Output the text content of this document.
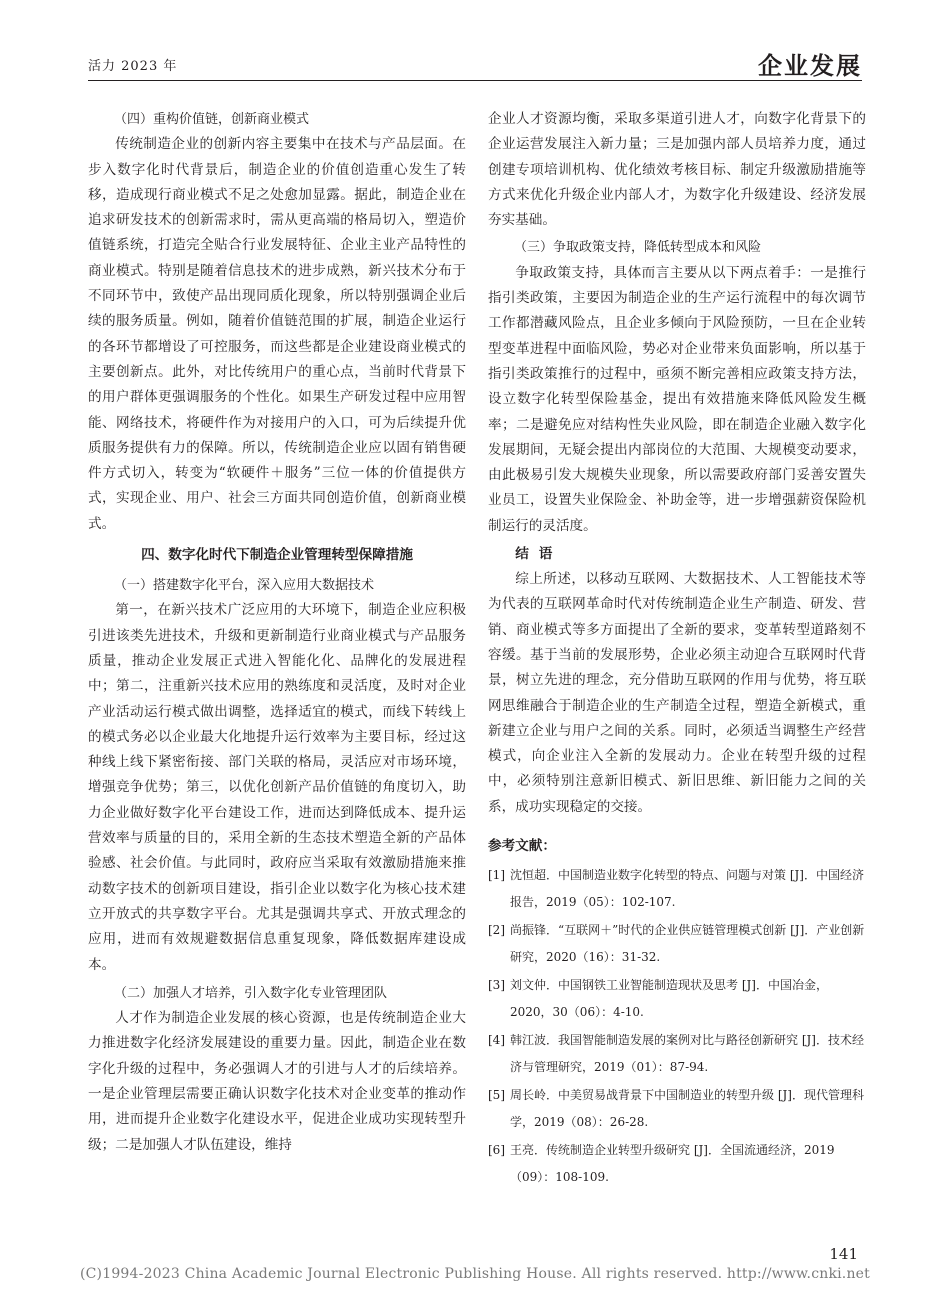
活力 2023 年	企业发展

（四）重构价值链，创新商业模式

传统制造企业的创新内容主要集中在技术与产品层面。在步入数字化时代背景后，制造企业的价值创造重心发生了转移，造成现行商业模式不足之处愈加显露。据此，制造企业在追求研发技术的创新需求时，需从更高端的格局切入，塑造价值链系统，打造完全贴合行业发展特征、企业主业产品特性的商业模式。特别是随着信息技术的进步成熟，新兴技术分布于不同环节中，致使产品出现同质化现象，所以特别强调企业后续的服务质量。例如，随着价值链范围的扩展，制造企业运行的各环节都增设了可控服务，而这些都是企业建设商业模式的主要创新点。此外，对比传统用户的重心点，当前时代背景下的用户群体更强调服务的个性化。如果生产研发过程中应用智能、网络技术，将硬件作为对接用户的入口，可为后续提升优质服务提供有力的保障。所以，传统制造企业应以固有销售硬件方式切入，转变为“软硬件＋服务”三位一体的价值提供方式，实现企业、用户、社会三方面共同创造价值，创新商业模式。

四、数字化时代下制造企业管理转型保障措施

（一）搭建数字化平台，深入应用大数据技术

第一，在新兴技术广泛应用的大环境下，制造企业应积极引进该类先进技术，升级和更新制造行业商业模式与产品服务质量，推动企业发展正式进入智能化化、品牌化的发展进程中；第二，注重新兴技术应用的熟练度和灵活度，及时对企业产业活动运行模式做出调整，选择适宜的模式，而线下转线上的模式务必以企业最大化地提升运行效率为主要目标，经过这种线上线下紧密衔接、部门关联的格局，灵活应对市场环境，增强竞争优势；第三，以优化创新产品价值链的角度切入，助力企业做好数字化平台建设工作，进而达到降低成本、提升运营效率与质量的目的，采用全新的生态技术塑造全新的产品体验感、社会价值。与此同时，政府应当采取有效激励措施来推动数字技术的创新项目建设，指引企业以数字化为核心技术建立开放式的共享数字平台。尤其是强调共享式、开放式理念的应用，进而有效规避数据信息重复现象，降低数据库建设成本。

（二）加强人才培养，引入数字化专业管理团队

人才作为制造企业发展的核心资源，也是传统制造企业大力推进数字化经济发展建设的重要力量。因此，制造企业在数字化升级的过程中，务必强调人才的引进与人才的后续培养。一是企业管理层需要正确认识数字化技术对企业变革的推动作用，进而提升企业数字化建设水平，促进企业成功实现转型升级；二是加强人才队伍建设，维持

企业人才资源均衡，采取多渠道引进人才，向数字化背景下的企业运营发展注入新力量；三是加强内部人员培养力度，通过创建专项培训机构、优化绩效考核目标、制定升级激励措施等方式来优化升级企业内部人才，为数字化升级建设、经济发展夯实基础。

（三）争取政策支持，降低转型成本和风险

争取政策支持，具体而言主要从以下两点着手：一是推行指引类政策，主要因为制造企业的生产运行流程中的每次调节工作都潜藏风险点，且企业多倾向于风险预防，一旦在企业转型变革进程中面临风险，势必对企业带来负面影响，所以基于指引类政策推行的过程中，亟须不断完善相应政策支持方法，设立数字化转型保险基金，提出有效措施来降低风险发生概率；二是避免应对结构性失业风险，即在制造企业融入数字化发展期间，无疑会提出内部岗位的大范围、大规模变动要求，由此极易引发大规模失业现象，所以需要政府部门妥善安置失业员工，设置失业保险金、补助金等，进一步增强薪资保险机制运行的灵活度。

结语

综上所述，以移动互联网、大数据技术、人工智能技术等为代表的互联网革命时代对传统制造企业生产制造、研发、营销、商业模式等多方面提出了全新的要求，变革转型道路刻不容缓。基于当前的发展形势，企业必须主动迎合互联网时代背景，树立先进的理念，充分借助互联网的作用与优势，将互联网思维融合于制造企业的生产制造全过程，塑造全新模式，重新建立企业与用户之间的关系。同时，必须适当调整生产经营模式，向企业注入全新的发展动力。企业在转型升级的过程中，必须特别注意新旧模式、新旧思维、新旧能力之间的关系，成功实现稳定的交接。

参考文献：

[1] 沈恒超．中国制造业数字化转型的特点、问题与对策 [J]．中国经济报告，2019（05）：102-107.

[2] 尚振锋．“互联网＋”时代的企业供应链管理模式创新 [J]．产业创新研究，2020（16）：31-32.

[3] 刘文仲．中国钢铁工业智能制造现状及思考 [J]．中国冶金，2020，30（06）：4-10.

[4] 韩江波．我国智能制造发展的案例对比与路径创新研究 [J]．技术经济与管理研究，2019（01）：87-94.

[5] 周长岭．中美贸易战背景下中国制造业的转型升级 [J]．现代管理科学，2019（08）：26-28.

[6] 王亮．传统制造企业转型升级研究 [J]．全国流通经济，2019（09）：108-109.

141
(C)1994-2023 China Academic Journal Electronic Publishing House. All rights reserved. http://www.cnki.net
